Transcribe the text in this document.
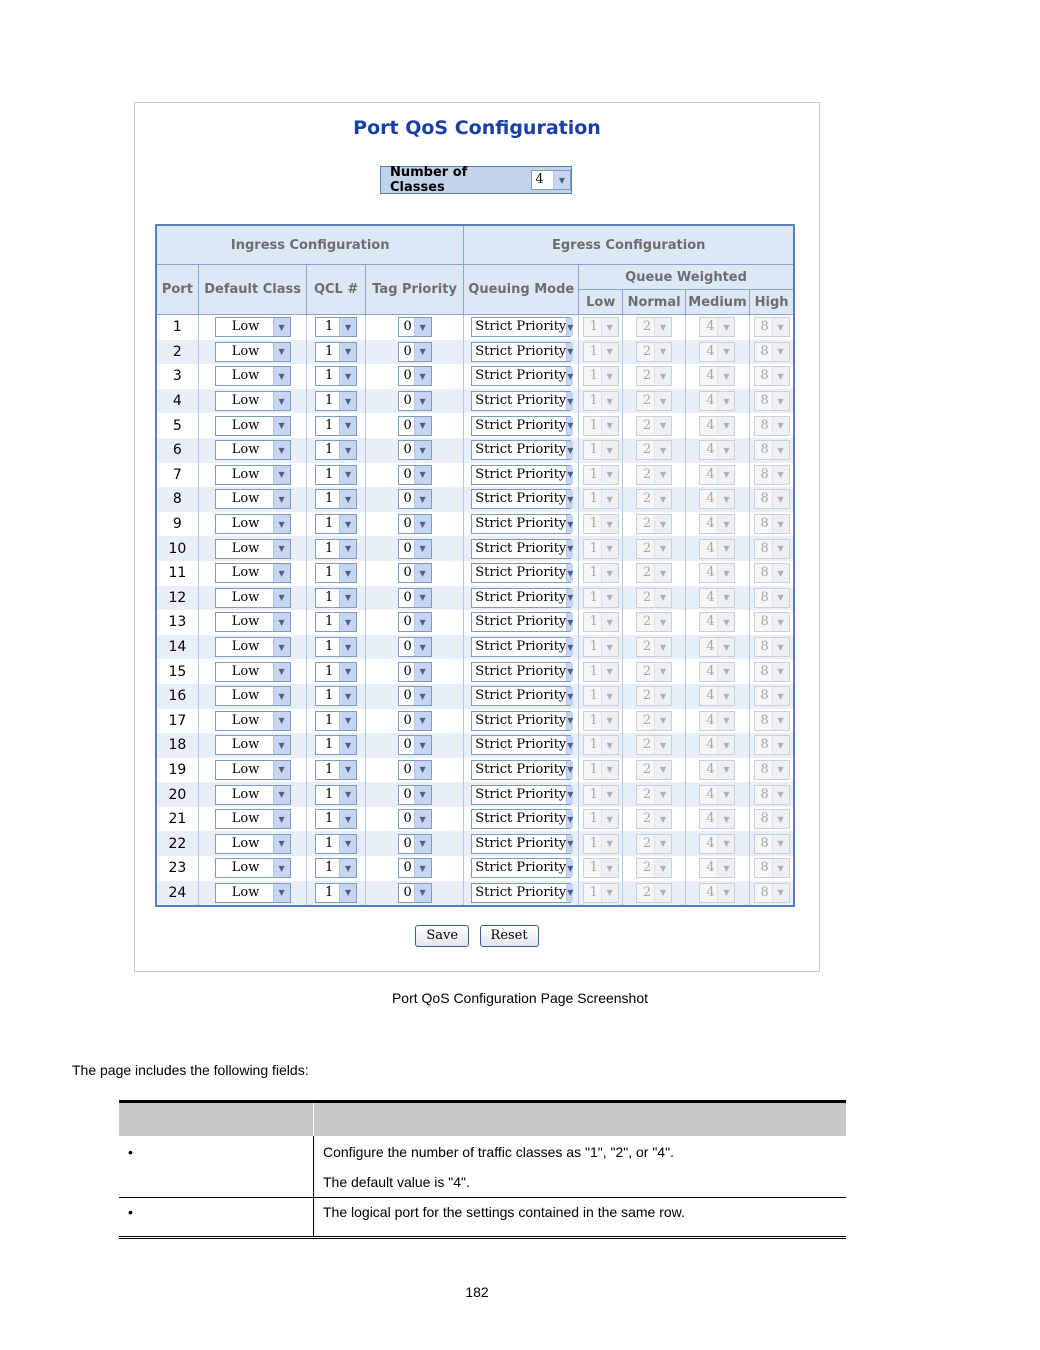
Port QoS Configuration
Number of Classes
4	▼
Ingress Configuration				Egress Configuration				
Port	Default Class	QCL #	Tag Priority	Queuing Mode	Queue Weighted			
					Low	Normal	Medium	High
1	Low ▼	1 ▼	0 ▼	Strict Priority ▼	1 ▼	2 ▼	4 ▼	8 ▼

2	Low ▼	1 ▼	0 ▼	Strict Priority ▼	1 ▼	2 ▼	4 ▼	8 ▼

3	Low ▼	1 ▼	0 ▼	Strict Priority ▼	1 ▼	2 ▼	4 ▼	8 ▼

4	Low ▼	1 ▼	0 ▼	Strict Priority ▼	1 ▼	2 ▼	4 ▼	8 ▼

5	Low ▼	1 ▼	0 ▼	Strict Priority ▼	1 ▼	2 ▼	4 ▼	8 ▼

6	Low ▼	1 ▼	0 ▼	Strict Priority ▼	1 ▼	2 ▼	4 ▼	8 ▼

7	Low ▼	1 ▼	0 ▼	Strict Priority ▼	1 ▼	2 ▼	4 ▼	8 ▼

8	Low ▼	1 ▼	0 ▼	Strict Priority ▼	1 ▼	2 ▼	4 ▼	8 ▼

9	Low ▼	1 ▼	0 ▼	Strict Priority ▼	1 ▼	2 ▼	4 ▼	8 ▼

10	Low ▼	1 ▼	0 ▼	Strict Priority ▼	1 ▼	2 ▼	4 ▼	8 ▼

11	Low ▼	1 ▼	0 ▼	Strict Priority ▼	1 ▼	2 ▼	4 ▼	8 ▼

12	Low ▼	1 ▼	0 ▼	Strict Priority ▼	1 ▼	2 ▼	4 ▼	8 ▼

13	Low ▼	1 ▼	0 ▼	Strict Priority ▼	1 ▼	2 ▼	4 ▼	8 ▼

14	Low ▼	1 ▼	0 ▼	Strict Priority ▼	1 ▼	2 ▼	4 ▼	8 ▼

15	Low ▼	1 ▼	0 ▼	Strict Priority ▼	1 ▼	2 ▼	4 ▼	8 ▼

16	Low ▼	1 ▼	0 ▼	Strict Priority ▼	1 ▼	2 ▼	4 ▼	8 ▼

17	Low ▼	1 ▼	0 ▼	Strict Priority ▼	1 ▼	2 ▼	4 ▼	8 ▼

18	Low ▼	1 ▼	0 ▼	Strict Priority ▼	1 ▼	2 ▼	4 ▼	8 ▼

19	Low ▼	1 ▼	0 ▼	Strict Priority ▼	1 ▼	2 ▼	4 ▼	8 ▼

20	Low ▼	1 ▼	0 ▼	Strict Priority ▼	1 ▼	2 ▼	4 ▼	8 ▼

21	Low ▼	1 ▼	0 ▼	Strict Priority ▼	1 ▼	2 ▼	4 ▼	8 ▼

22	Low ▼	1 ▼	0 ▼	Strict Priority ▼	1 ▼	2 ▼	4 ▼	8 ▼

23	Low ▼	1 ▼	0 ▼	Strict Priority ▼	1 ▼	2 ▼	4 ▼	8 ▼

24	Low ▼	1 ▼	0 ▼	Strict Priority ▼	1 ▼	2 ▼	4 ▼	8 ▼
Save Reset
Port QoS Configuration Page Screenshot
The page includes the following fields:

•	Configure the number of traffic classes as "1", "2", or "4".

The default value is "4".

•	The logical port for the settings contained in the same row.

182
